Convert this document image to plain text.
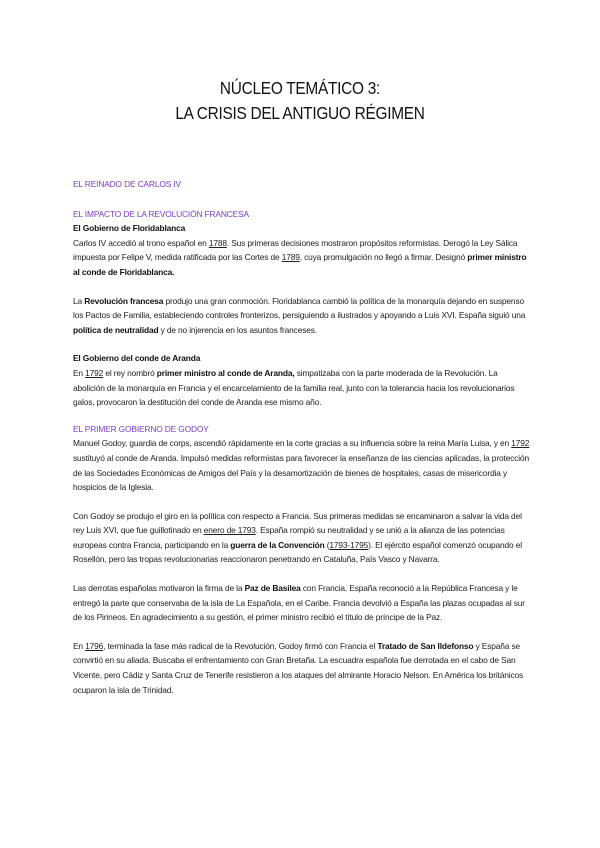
NÚCLEO TEMÁTICO 3:
LA CRISIS DEL ANTIGUO RÉGIMEN

EL REINADO DE CARLOS IV

EL IMPACTO DE LA REVOLUCIÓN FRANCESA

El Gobierno de Floridablanca

Carlos IV accedió al trono español en 1788. Sus primeras decisiones mostraron propósitos reformistas. Derogó la Ley Sálica impuesta por Felipe V, medida ratificada por las Cortes de 1789, cuya promulgación no llegó a firmar. Designó primer ministro al conde de Floridablanca.

La Revolución francesa produjo una gran conmoción. Floridablanca cambió la política de la monarquía dejando en suspenso los Pactos de Familia, estableciendo controles fronterizos, persiguiendo a ilustrados y apoyando a Luis XVI. España siguió una política de neutralidad y de no injerencia en los asuntos franceses.

El Gobierno del conde de Aranda

En 1792 el rey nombró primer ministro al conde de Aranda, simpatizaba con la parte moderada de la Revolución. La abolición de la monarquía en Francia y el encarcelamiento de la familia real, junto con la tolerancia hacia los revolucionarios galos, provocaron la destitución del conde de Aranda ese mismo año.

EL PRIMER GOBIERNO DE GODOY

Manuel Godoy, guardia de corps, ascendió rápidamente en la corte gracias a su influencia sobre la reina María Luisa, y en 1792 sustituyó al conde de Aranda. Impulsó medidas reformistas para favorecer la enseñanza de las ciencias aplicadas, la protección de las Sociedades Económicas de Amigos del País y la desamortización de bienes de hospitales, casas de misericordia y hospicios de la Iglesia.

Con Godoy se produjo el giro en la política con respecto a Francia. Sus primeras medidas se encaminaron a salvar la vida del rey Luis XVI, que fue guillotinado en enero de 1793. España rompió su neutralidad y se unió a la alianza de las potencias europeas contra Francia, participando en la guerra de la Convención (1793-1795). El ejército español comenzó ocupando el Rosellón, pero las tropas revolucionarias reaccionaron penetrando en Cataluña, País Vasco y Navarra.

Las derrotas españolas motivaron la firma de la Paz de Basilea con Francia. España reconoció a la República Francesa y le entregó la parte que conservaba de la isla de La Española, en el Caribe. Francia devolvió a España las plazas ocupadas al sur de los Pirineos. En agradecimiento a su gestión, el primer ministro recibió el título de príncipe de la Paz.

En 1796, terminada la fase más radical de la Revolución, Godoy firmó con Francia el Tratado de San Ildefonso y España se convirtió en su aliada. Buscaba el enfrentamiento con Gran Bretaña. La escuadra española fue derrotada en el cabo de San Vicente, pero Cádiz y Santa Cruz de Tenerife resistieron a los ataques del almirante Horacio Nelson. En América los británicos ocuparon la isla de Trinidad.
